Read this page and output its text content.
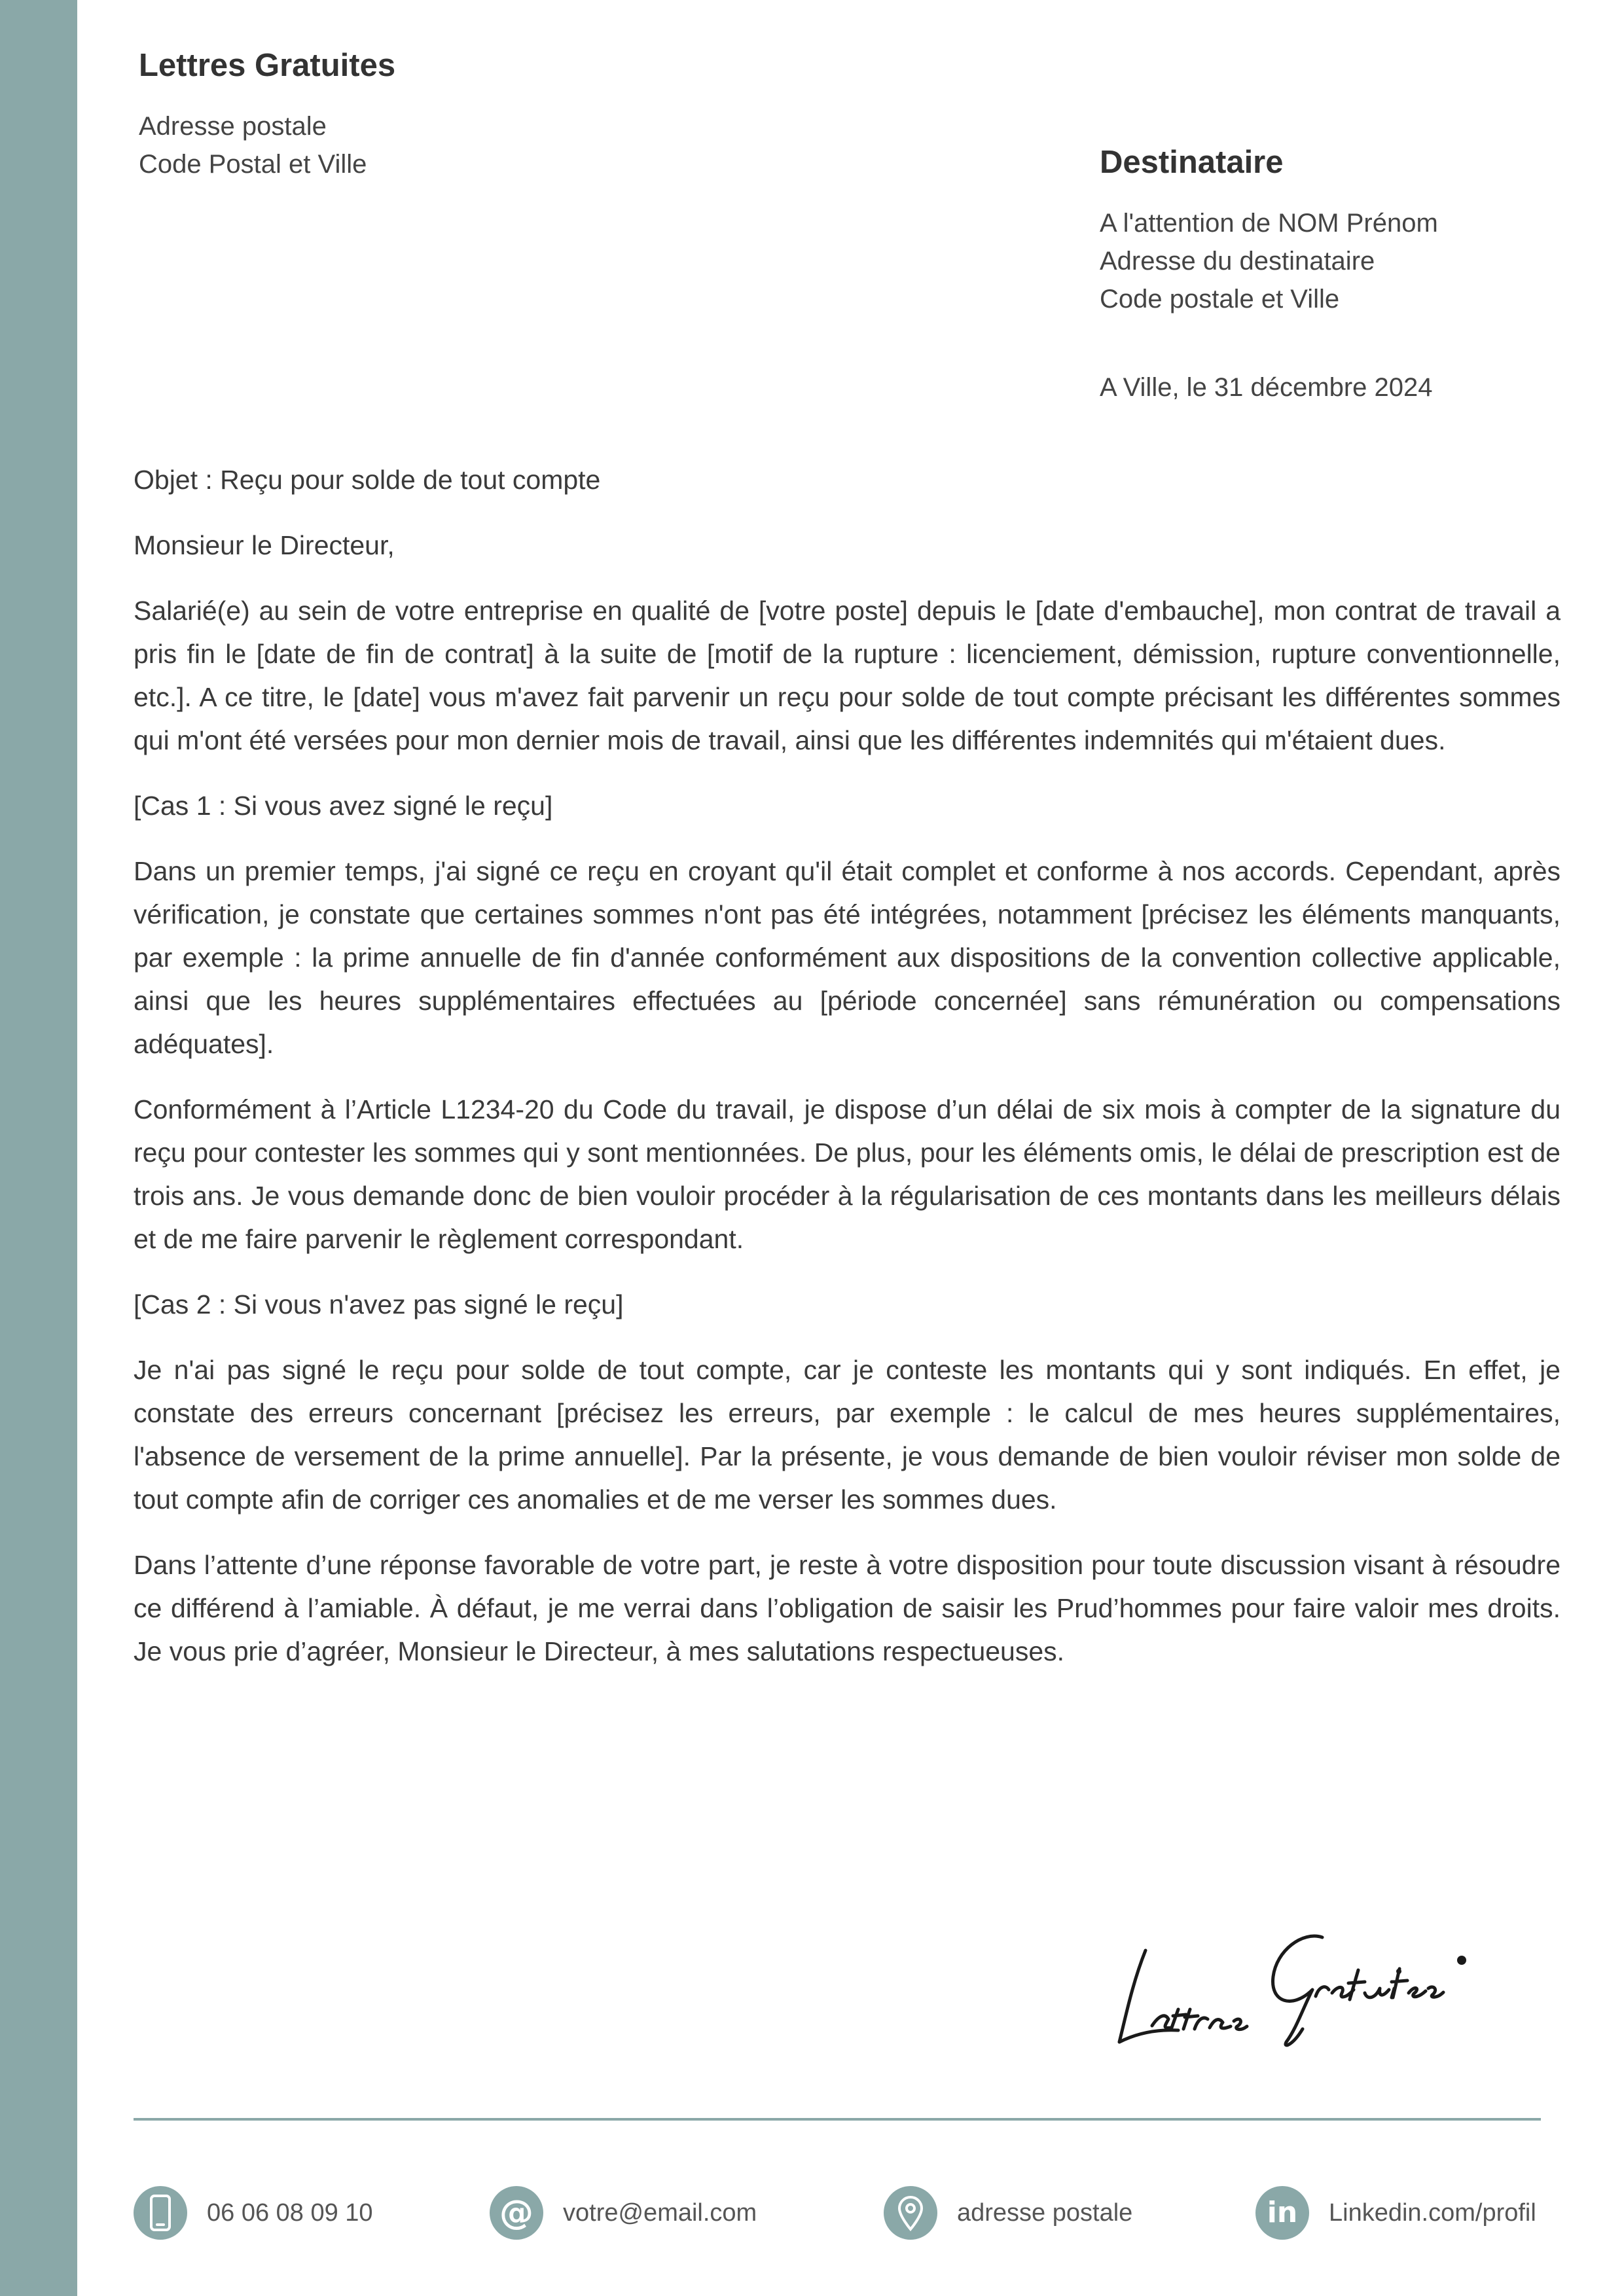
Lettres Gratuites
Adresse postale
Code Postal et Ville	Destinataire
A l'attention de NOM Prénom
Adresse du destinataire
Code postale et Ville
A Ville, le 31 décembre 2024

Objet : Reçu pour solde de tout compte

Monsieur le Directeur,

Salarié(e) au sein de votre entreprise en qualité de [votre poste] depuis le [date d'embauche], mon contrat de travail a pris fin le [date de fin de contrat] à la suite de [motif de la rupture : licenciement, démission, rupture conventionnelle, etc.]. A ce titre, le [date] vous m'avez fait parvenir un reçu pour solde de tout compte précisant les différentes sommes qui m'ont été versées pour mon dernier mois de travail, ainsi que les différentes indemnités qui m'étaient dues.

[Cas 1 : Si vous avez signé le reçu]

Dans un premier temps, j'ai signé ce reçu en croyant qu'il était complet et conforme à nos accords. Cependant, après vérification, je constate que certaines sommes n'ont pas été intégrées, notamment [précisez les éléments manquants, par exemple : la prime annuelle de fin d'année conformément aux dispositions de la convention collective applicable, ainsi que les heures supplémentaires effectuées au [période concernée] sans rémunération ou compensations adéquates].

Conformément à l’Article L1234-20 du Code du travail, je dispose d’un délai de six mois à compter de la signature du reçu pour contester les sommes qui y sont mentionnées. De plus, pour les éléments omis, le délai de prescription est de trois ans. Je vous demande donc de bien vouloir procéder à la régularisation de ces montants dans les meilleurs délais et de me faire parvenir le règlement correspondant.

[Cas 2 : Si vous n'avez pas signé le reçu]

Je n'ai pas signé le reçu pour solde de tout compte, car je conteste les montants qui y sont indiqués. En effet, je constate des erreurs concernant [précisez les erreurs, par exemple : le calcul de mes heures supplémentaires, l'absence de versement de la prime annuelle]. Par la présente, je vous demande de bien vouloir réviser mon solde de tout compte afin de corriger ces anomalies et de me verser les sommes dues.

Dans l’attente d’une réponse favorable de votre part, je reste à votre disposition pour toute discussion visant à résoudre ce différend à l’amiable. À défaut, je me verrai dans l’obligation de saisir les Prud’hommes pour faire valoir mes droits. Je vous prie d’agréer, Monsieur le Directeur, à mes salutations respectueuses.

06 06 08 09 10	@ votre@email.com	adresse postale	in Linkedin.com/profil
